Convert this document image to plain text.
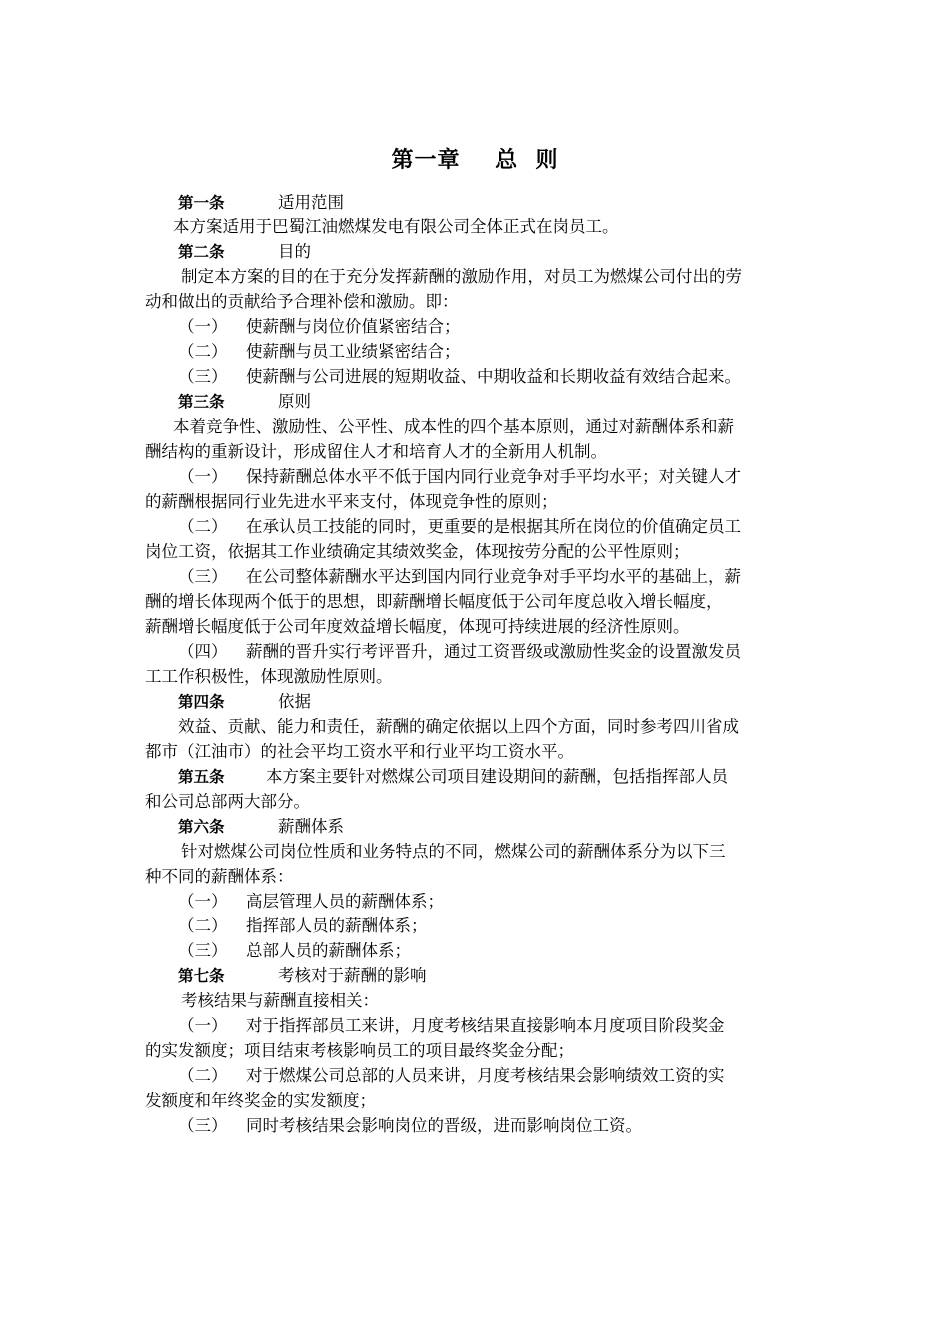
第一章    总  则
第一条	适用范围
本方案适用于巴蜀江油燃煤发电有限公司全体正式在岗员工。
第二条	目的
制定本方案的目的在于充分发挥薪酬的激励作用，对员工为燃煤公司付出的劳
动和做出的贡献给予合理补偿和激励。即：
（一） 使薪酬与岗位价值紧密结合；
（二） 使薪酬与员工业绩紧密结合；
（三） 使薪酬与公司进展的短期收益、中期收益和长期收益有效结合起来。
第三条	原则
本着竞争性、激励性、公平性、成本性的四个基本原则，通过对薪酬体系和薪
酬结构的重新设计，形成留住人才和培育人才的全新用人机制。
（一） 保持薪酬总体水平不低于国内同行业竞争对手平均水平；对关键人才
的薪酬根据同行业先进水平来支付，体现竞争性的原则；
（二） 在承认员工技能的同时，更重要的是根据其所在岗位的价值确定员工
岗位工资，依据其工作业绩确定其绩效奖金，体现按劳分配的公平性原则；
（三） 在公司整体薪酬水平达到国内同行业竞争对手平均水平的基础上，薪
酬的增长体现两个低于的思想，即薪酬增长幅度低于公司年度总收入增长幅度，
薪酬增长幅度低于公司年度效益增长幅度，体现可持续进展的经济性原则。
（四） 薪酬的晋升实行考评晋升，通过工资晋级或激励性奖金的设置激发员
工工作积极性，体现激励性原则。
第四条	依据
效益、贡献、能力和责任，薪酬的确定依据以上四个方面，同时参考四川省成
都市（江油市）的社会平均工资水平和行业平均工资水平。
第五条	本方案主要针对燃煤公司项目建设期间的薪酬，包括指挥部人员
和公司总部两大部分。
第六条	薪酬体系
针对燃煤公司岗位性质和业务特点的不同，燃煤公司的薪酬体系分为以下三
种不同的薪酬体系：
（一） 高层管理人员的薪酬体系；
（二） 指挥部人员的薪酬体系；
（三） 总部人员的薪酬体系；
第七条	考核对于薪酬的影响
考核结果与薪酬直接相关：
（一） 对于指挥部员工来讲，月度考核结果直接影响本月度项目阶段奖金
的实发额度；项目结束考核影响员工的项目最终奖金分配；
（二） 对于燃煤公司总部的人员来讲，月度考核结果会影响绩效工资的实
发额度和年终奖金的实发额度；
（三） 同时考核结果会影响岗位的晋级，进而影响岗位工资。
